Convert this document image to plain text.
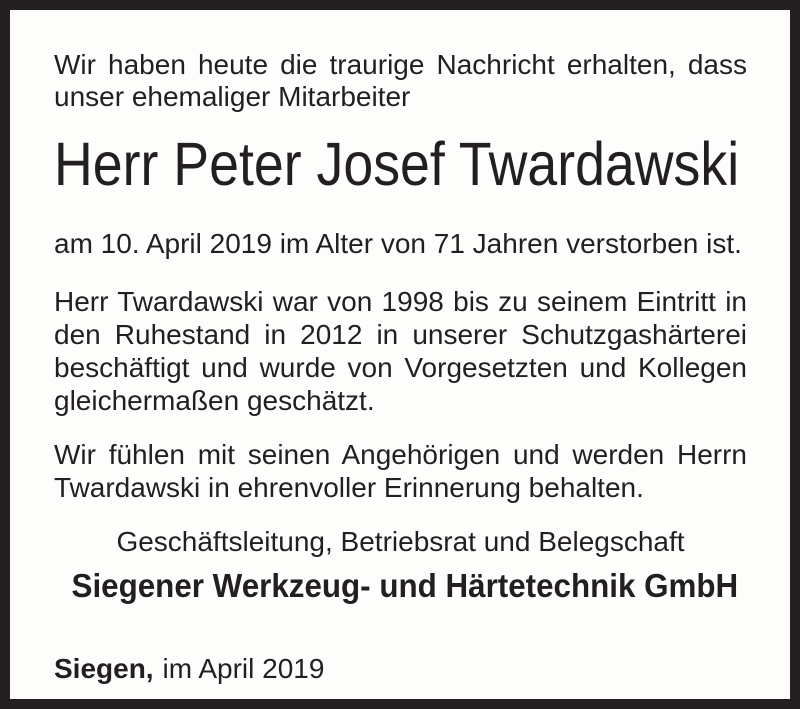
Wir haben heute die traurige Nachricht erhalten, dass unser ehemaliger Mitarbeiter

Herr Peter Josef Twardawski

am 10. April 2019 im Alter von 71 Jahren verstorben ist.

Herr Twardawski war von 1998 bis zu seinem Eintritt in den Ruhestand in 2012 in unserer Schutzgashärterei beschäftigt und wurde von Vorgesetzten und Kollegen gleichermaßen geschätzt.

Wir fühlen mit seinen Angehörigen und werden Herrn Twardawski in ehrenvoller Erinnerung behalten.

Geschäftsleitung, Betriebsrat und Belegschaft

Siegener Werkzeug- und Härtetechnik GmbH

Siegen, im April 2019
